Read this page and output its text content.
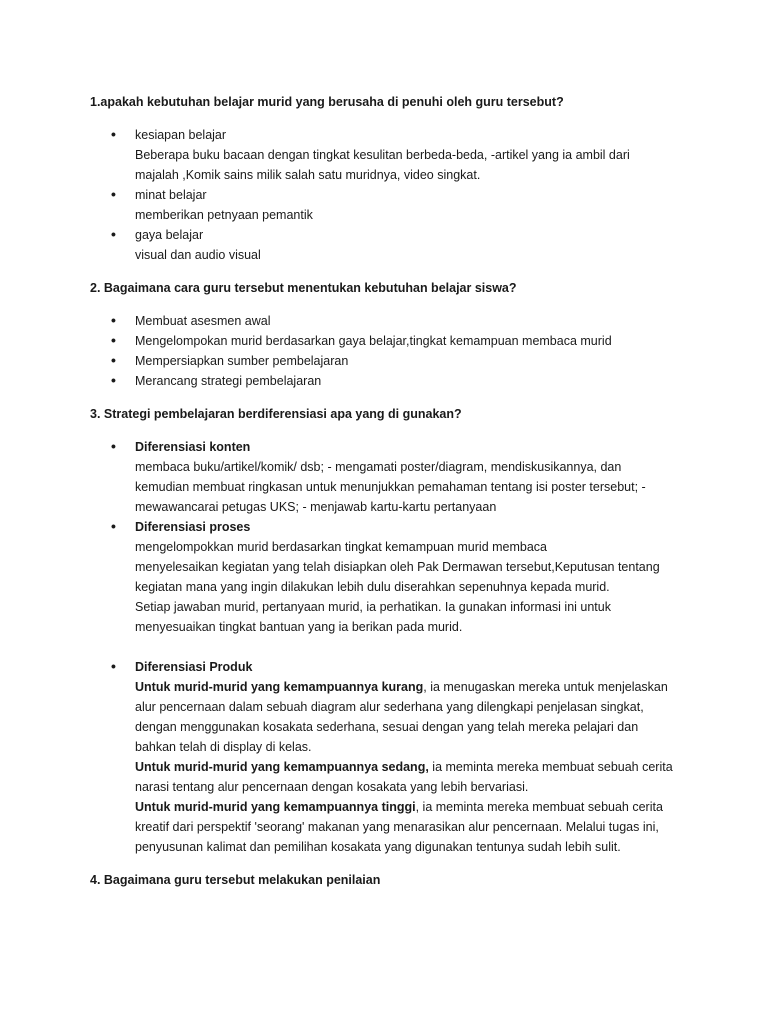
1.apakah kebutuhan belajar murid yang berusaha di penuhi oleh guru tersebut?
• kesiapan belajar
Beberapa buku bacaan dengan tingkat kesulitan berbeda-beda, -artikel yang ia ambil dari
majalah ,Komik sains milik salah satu muridnya, video singkat.
• minat belajar
memberikan petnyaan pemantik
• gaya belajar
visual dan audio visual
2. Bagaimana cara guru tersebut menentukan kebutuhan belajar siswa?
• Membuat asesmen awal
• Mengelompokan murid berdasarkan gaya belajar,tingkat kemampuan membaca murid
• Mempersiapkan sumber pembelajaran
• Merancang strategi pembelajaran
3. Strategi pembelajaran berdiferensiasi apa yang di gunakan?
• Diferensiasi konten
membaca buku/artikel/komik/ dsb; - mengamati poster/diagram, mendiskusikannya, dan
kemudian membuat ringkasan untuk menunjukkan pemahaman tentang isi poster tersebut; -
mewawancarai petugas UKS; - menjawab kartu-kartu pertanyaan
• Diferensiasi proses
mengelompokkan murid berdasarkan tingkat kemampuan murid membaca
menyelesaikan kegiatan yang telah disiapkan oleh Pak Dermawan tersebut,Keputusan tentang
kegiatan mana yang ingin dilakukan lebih dulu diserahkan sepenuhnya kepada murid.
Setiap jawaban murid, pertanyaan murid, ia perhatikan. Ia gunakan informasi ini untuk
menyesuaikan tingkat bantuan yang ia berikan pada murid.
• Diferensiasi Produk
Untuk murid-murid yang kemampuannya kurang, ia menugaskan mereka untuk menjelaskan
alur pencernaan dalam sebuah diagram alur sederhana yang dilengkapi penjelasan singkat,
dengan menggunakan kosakata sederhana, sesuai dengan yang telah mereka pelajari dan
bahkan telah di display di kelas.
Untuk murid-murid yang kemampuannya sedang, ia meminta mereka membuat sebuah cerita
narasi tentang alur pencernaan dengan kosakata yang lebih bervariasi.
Untuk murid-murid yang kemampuannya tinggi, ia meminta mereka membuat sebuah cerita
kreatif dari perspektif 'seorang' makanan yang menarasikan alur pencernaan. Melalui tugas ini,
penyusunan kalimat dan pemilihan kosakata yang digunakan tentunya sudah lebih sulit.
4. Bagaimana guru tersebut melakukan penilaian
